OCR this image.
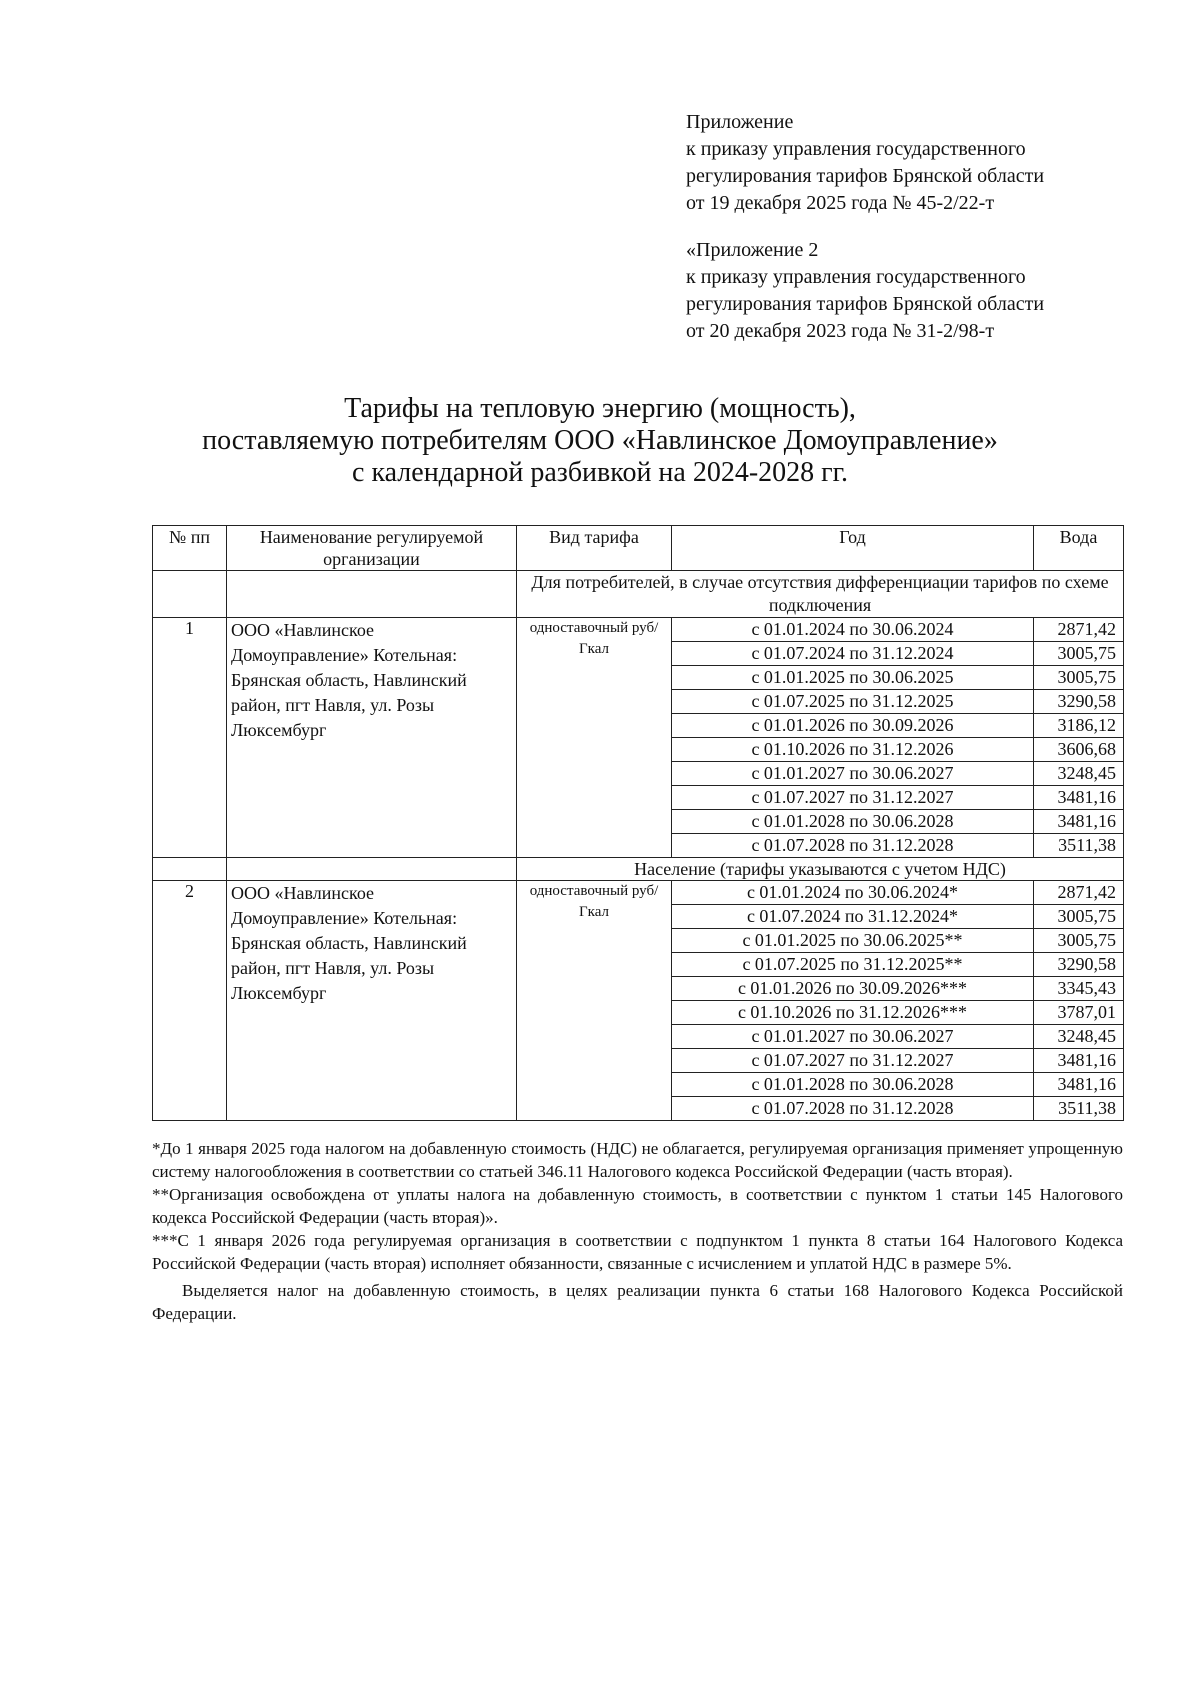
Приложение
к приказу управления государственного
регулирования тарифов Брянской области
от 19 декабря 2025 года № 45-2/22-т
«Приложение 2
к приказу управления государственного
регулирования тарифов Брянской области
от 20 декабря 2023 года № 31-2/98-т
Тарифы на тепловую энергию (мощность),
поставляемую потребителям ООО «Навлинское Домоуправление»
с календарной разбивкой на 2024-2028 гг.
№ пп	Наименование регулируемой организации	Вид тарифа	Год	Вода
		Для потребителей, в случае отсутствия дифференциации тарифов по схеме подключения		
1	ООО «Навлинское Домоуправление» Котельная: Брянская область, Навлинский район, пгт Навля, ул. Розы Люксембург	одноставочный руб/Гкал	с 01.01.2024 по 30.06.2024	2871,42
			с 01.07.2024 по 31.12.2024	3005,75
			с 01.01.2025 по 30.06.2025	3005,75
			с 01.07.2025 по 31.12.2025	3290,58
			с 01.01.2026 по 30.09.2026	3186,12
			с 01.10.2026 по 31.12.2026	3606,68
			с 01.01.2027 по 30.06.2027	3248,45
			с 01.07.2027 по 31.12.2027	3481,16
			с 01.01.2028 по 30.06.2028	3481,16
			с 01.07.2028 по 31.12.2028	3511,38
		Население (тарифы указываются с учетом НДС)		
2	ООО «Навлинское Домоуправление» Котельная: Брянская область, Навлинский район, пгт Навля, ул. Розы Люксембург	одноставочный руб/Гкал	с 01.01.2024 по 30.06.2024*	2871,42
			с 01.07.2024 по 31.12.2024*	3005,75
			с 01.01.2025 по 30.06.2025**	3005,75
			с 01.07.2025 по 31.12.2025**	3290,58
			с 01.01.2026 по 30.09.2026***	3345,43
			с 01.10.2026 по 31.12.2026***	3787,01
			с 01.01.2027 по 30.06.2027	3248,45
			с 01.07.2027 по 31.12.2027	3481,16
			с 01.01.2028 по 30.06.2028	3481,16
			с 01.07.2028 по 31.12.2028	3511,38

*До 1 января 2025 года налогом на добавленную стоимость (НДС) не облагается, регулируемая организация применяет упрощенную систему налогообложения в соответствии со статьей 346.11 Налогового кодекса Российской Федерации (часть вторая).

**Организация освобождена от уплаты налога на добавленную стоимость, в соответствии с пунктом 1 статьи 145 Налогового кодекса Российской Федерации (часть вторая)».

***С 1 января 2026 года регулируемая организация в соответствии с подпунктом 1 пункта 8 статьи 164 Налогового Кодекса Российской Федерации (часть вторая) исполняет обязанности, связанные с исчислением и уплатой НДС в размере 5%.

Выделяется налог на добавленную стоимость, в целях реализации пункта 6 статьи 168 Налогового Кодекса Российской Федерации.
